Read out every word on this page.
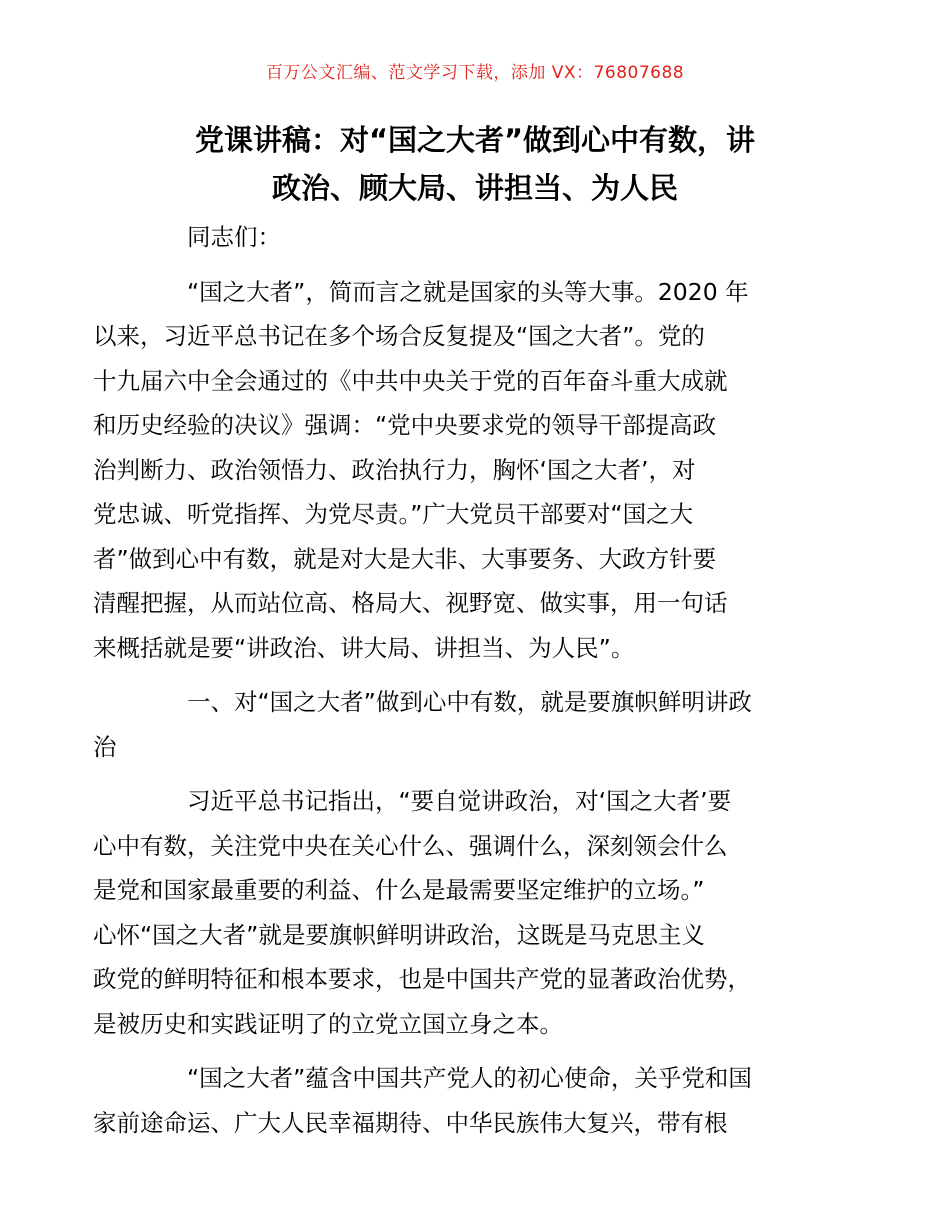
百万公文汇编、范文学习下载，添加 VX：76807688
党课讲稿：对“国之大者”做到心中有数，讲
政治、顾大局、讲担当、为人民

同志们：

“国之大者”，简而言之就是国家的头等大事。2020 年
以来，习近平总书记在多个场合反复提及“国之大者”。党的
十九届六中全会通过的《中共中央关于党的百年奋斗重大成就
和历史经验的决议》强调：“党中央要求党的领导干部提高政
治判断力、政治领悟力、政治执行力，胸怀‘国之大者’，对
党忠诚、听党指挥、为党尽责。”广大党员干部要对“国之大
者”做到心中有数，就是对大是大非、大事要务、大政方针要
清醒把握，从而站位高、格局大、视野宽、做实事，用一句话
来概括就是要“讲政治、讲大局、讲担当、为人民”。
一、对“国之大者”做到心中有数，就是要旗帜鲜明讲政
治
习近平总书记指出，“要自觉讲政治，对‘国之大者’要
心中有数，关注党中央在关心什么、强调什么，深刻领会什么
是党和国家最重要的利益、什么是最需要坚定维护的立场。”
心怀“国之大者”就是要旗帜鲜明讲政治，这既是马克思主义
政党的鲜明特征和根本要求，也是中国共产党的显著政治优势，
是被历史和实践证明了的立党立国立身之本。
“国之大者”蕴含中国共产党人的初心使命，关乎党和国
家前途命运、广大人民幸福期待、中华民族伟大复兴，带有根
